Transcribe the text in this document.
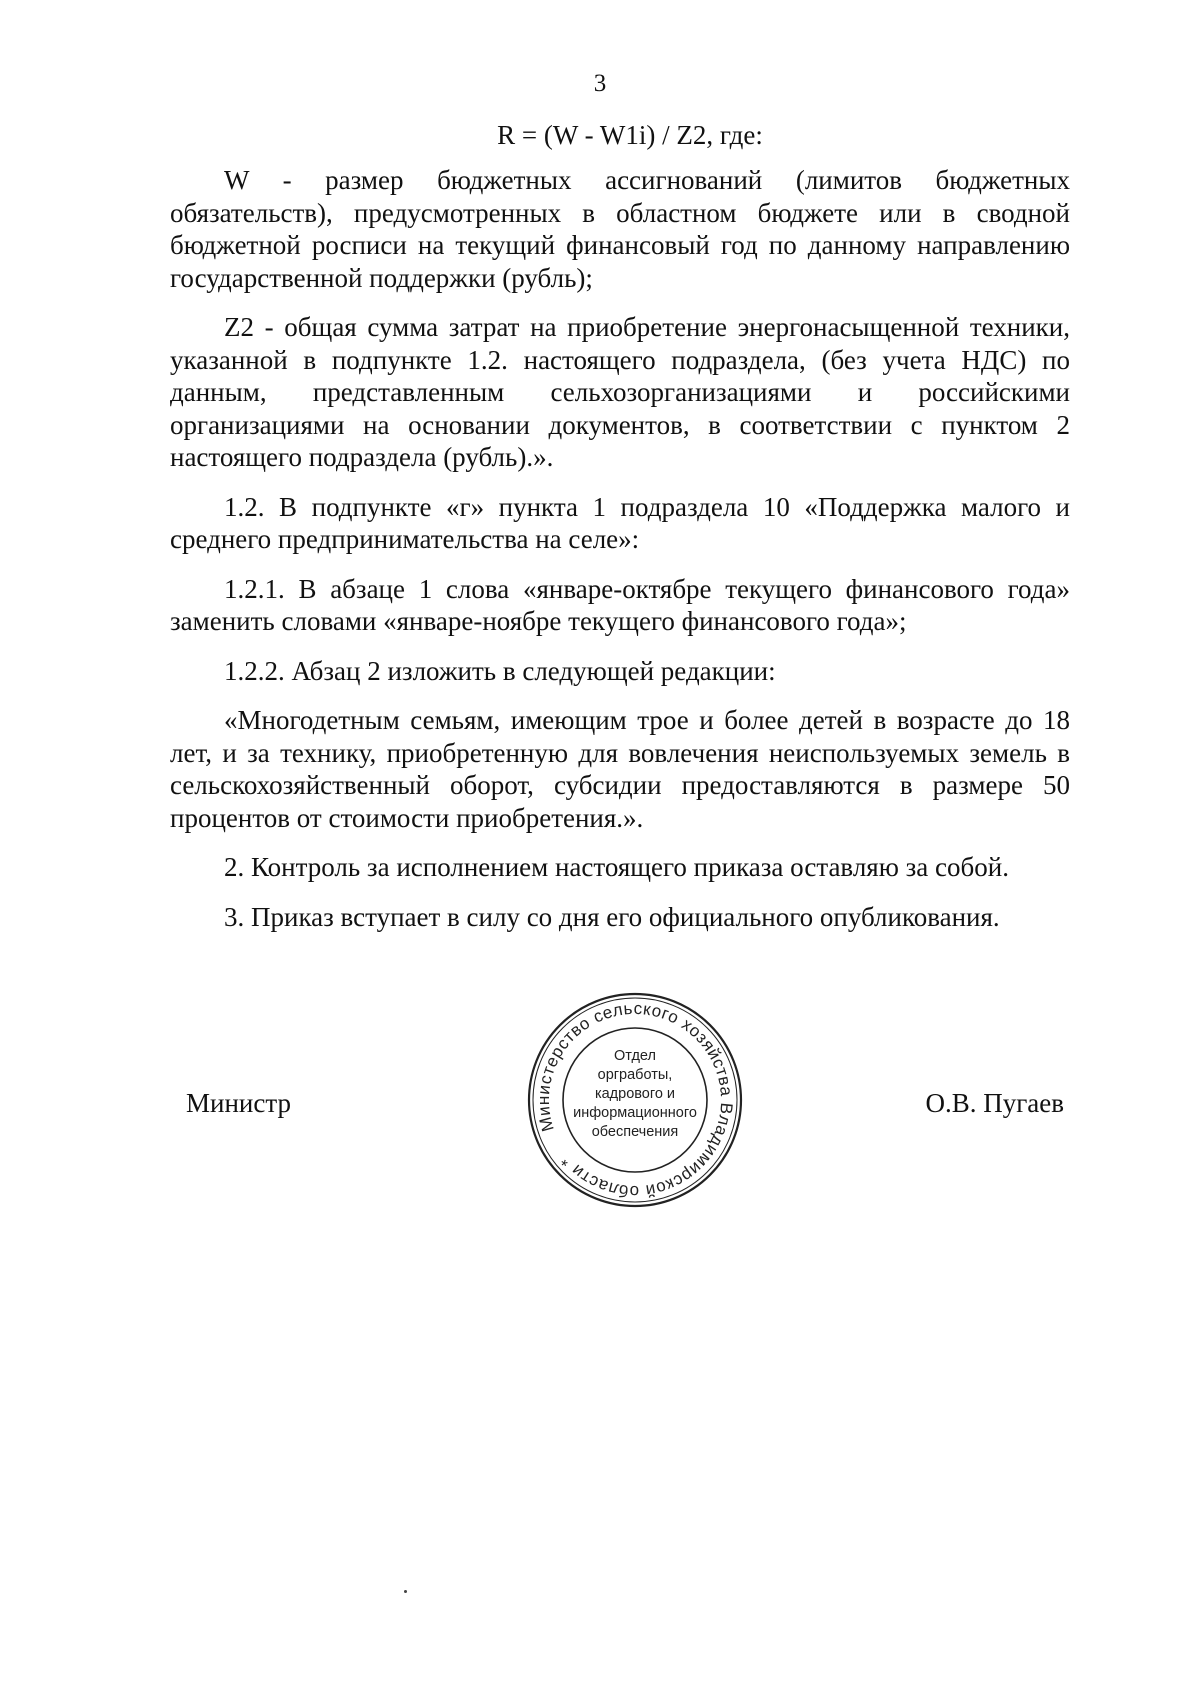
3
R = (W - W1i) / Z2, где:

W - размер бюджетных ассигнований (лимитов бюджетных обязательств), предусмотренных в областном бюджете или в сводной бюджетной росписи на текущий финансовый год по данному направлению государственной поддержки (рубль);

Z2 - общая сумма затрат на приобретение энергонасыщенной техники, указанной в подпункте 1.2. настоящего подраздела, (без учета НДС) по данным, представленным сельхозорганизациями и российскими организациями на основании документов, в соответствии с пунктом 2 настоящего подраздела (рубль).».

1.2. В подпункте «г» пункта 1 подраздела 10 «Поддержка малого и среднего предпринимательства на селе»:

1.2.1. В абзаце 1 слова «январе-октябре текущего финансового года» заменить словами «январе-ноябре текущего финансового года»;

1.2.2. Абзац 2 изложить в следующей редакции:

«Многодетным семьям, имеющим трое и более детей в возрасте до 18 лет, и за технику, приобретенную для вовлечения неиспользуемых земель в сельскохозяйственный оборот, субсидии предоставляются в размере 50 процентов от стоимости приобретения.».

2. Контроль за исполнением настоящего приказа оставляю за собой.

3. Приказ вступает в силу со дня его официального опубликования.

Министр	О.В. Пугаев
Министерство сельского хозяйства Владимирской области *
Отдел
оргработы,
кадрового и
информационного
обеспечения
